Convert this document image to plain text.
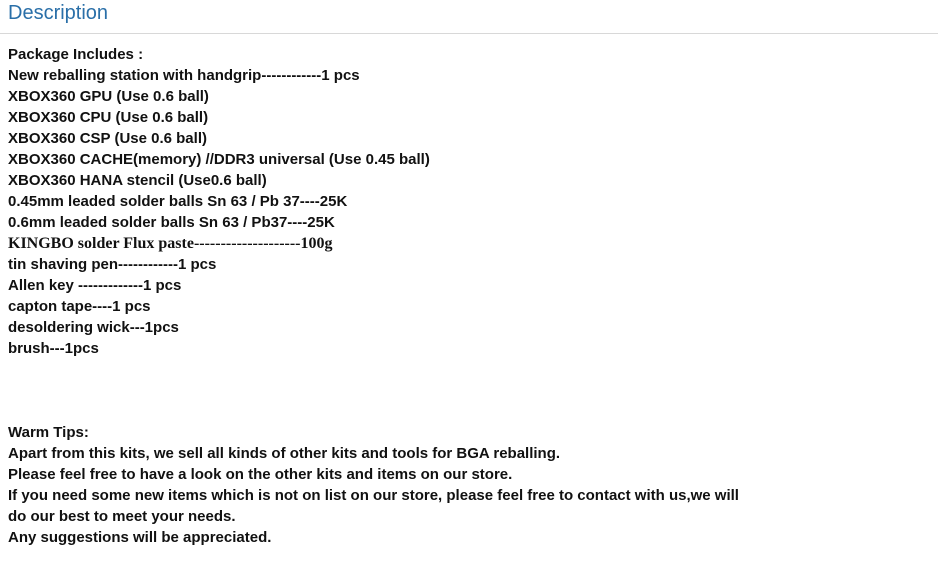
Description
Package Includes :
New reballing station with handgrip------------1 pcs
XBOX360 GPU (Use 0.6 ball)
XBOX360 CPU (Use 0.6 ball)
XBOX360 CSP (Use 0.6 ball)
XBOX360 CACHE(memory) //DDR3 universal (Use 0.45 ball)
XBOX360 HANA stencil (Use0.6 ball)
0.45mm leaded solder balls Sn 63 / Pb 37----25K
0.6mm leaded solder balls Sn 63 / Pb37----25K
KINGBO solder Flux paste--------------------100g
tin shaving pen------------1 pcs
Allen key -------------1 pcs
capton tape----1 pcs
desoldering wick---1pcs
brush---1pcs
Warm Tips:
Apart from this kits, we sell all kinds of other kits and tools for BGA reballing.
Please feel free to have a look on the other kits and items on our store.
If you need some new items which is not on list on our store, please feel free to contact with us,we will
do our best to meet your needs.
Any suggestions will be appreciated.
